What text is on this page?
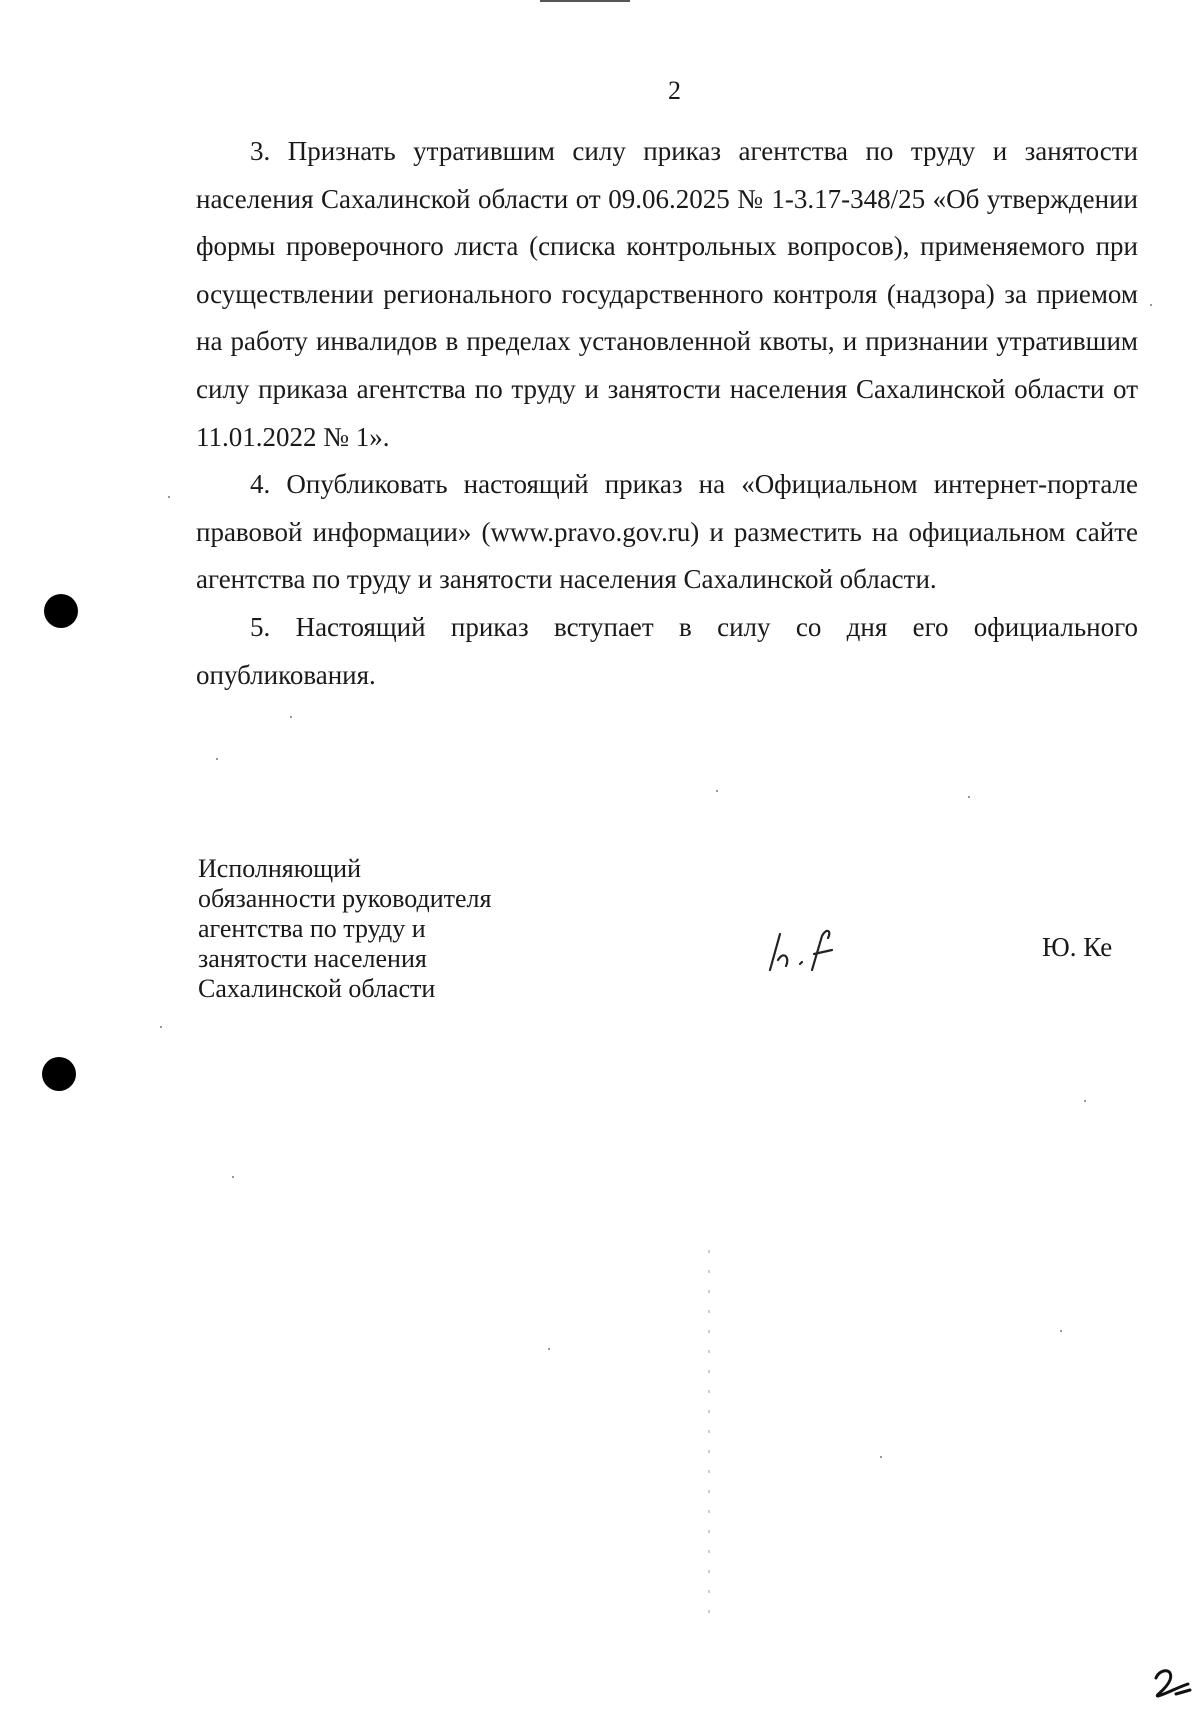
2

3. Признать утратившим силу приказ агентства по труду и занятости населения Сахалинской области от 09.06.2025 № 1-3.17-348/25 «Об утверждении формы проверочного листа (списка контрольных вопросов), применяемого при осуществлении регионального государственного контроля (надзора) за приемом на работу инвалидов в пределах установленной квоты, и признании утратившим силу приказа агентства по труду и занятости населения Сахалинской области от 11.01.2022 № 1».

4. Опубликовать настоящий приказ на «Официальном интернет-портале правовой информации» (www.pravo.gov.ru) и разместить на официальном сайте агентства по труду и занятости населения Сахалинской области.

5. Настоящий приказ вступает в силу со дня его официального опубликования.

Исполняющий
обязанности руководителя
агентства по труду и
занятости населения
Сахалинской области
Ю. Ке
